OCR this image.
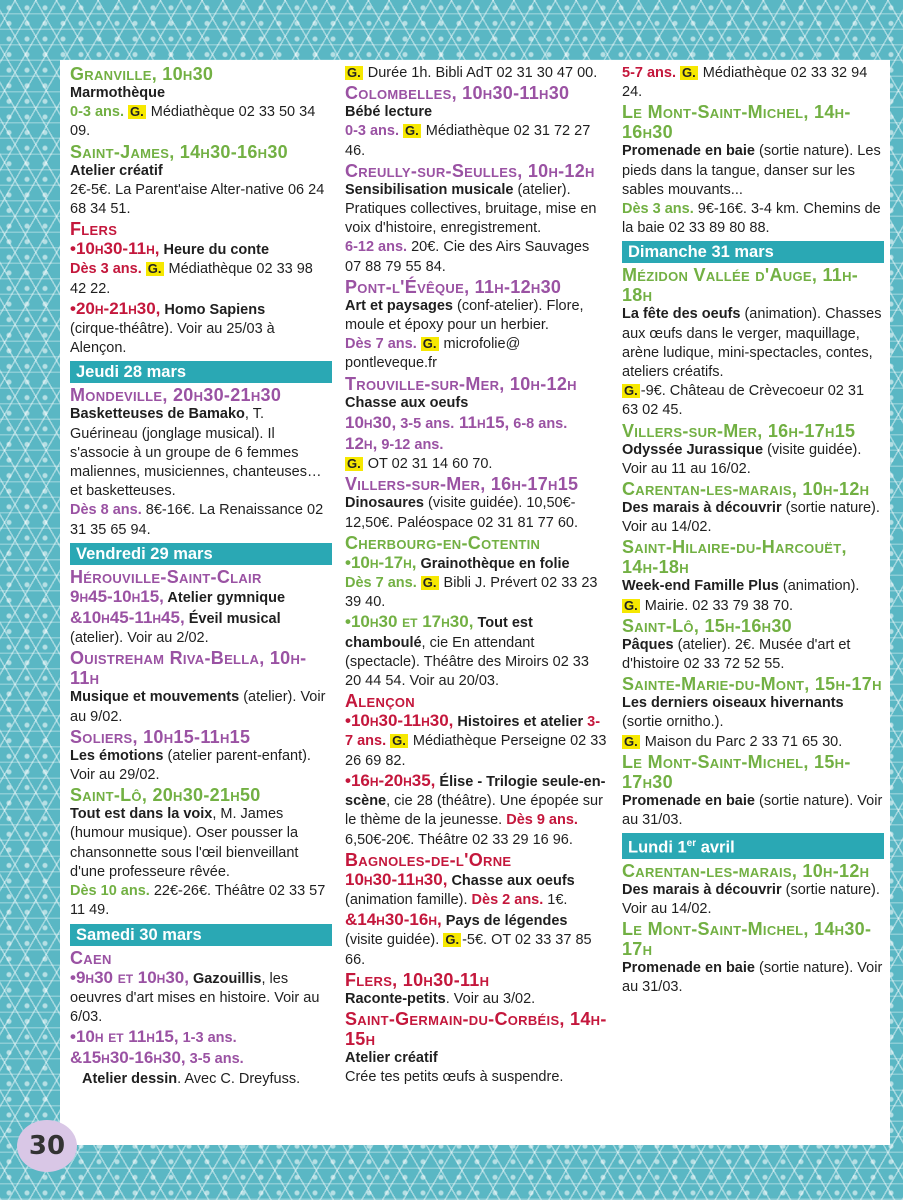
Granville, 10h30
Marmothèque
0-3 ans. G. Médiathèque 02 33 50 34 09.
Saint-James, 14h30-16h30
Atelier créatif
2€-5€. La Parent'aise Alter-native 06 24 68 34 51.
Flers
•10h30-11h, Heure du conte
Dès 3 ans. G. Médiathèque 02 33 98 42 22.
•20h-21h30, Homo Sapiens
(cirque-théâtre). Voir au 25/03 à Alençon.
Jeudi 28 mars
Mondeville, 20h30-21h30
Basketteuses de Bamako, T. Guérineau (jonglage musical). Il s'associe à un groupe de 6 femmes maliennes, musiciennes, chanteuses… et basketteuses.
Dès 8 ans. 8€-16€. La Renaissance 02 31 35 65 94.
Vendredi 29 mars
Hérouville-Saint-Clair
9h45-10h15, Atelier gymnique
&10h45-11h45, Éveil musical
(atelier). Voir au 2/02.
Ouistreham Riva-Bella, 10h-11h
Musique et mouvements (atelier). Voir au 9/02.
Soliers, 10h15-11h15
Les émotions (atelier parent-enfant). Voir au 29/02.
Saint-Lô, 20h30-21h50
Tout est dans la voix, M. James (humour musique). Oser pousser la chansonnette sous l'œil bienveillant d'une professeure rêvée.
Dès 10 ans. 22€-26€. Théâtre 02 33 57 11 49.
Samedi 30 mars
Caen
•9h30 et 10h30, Gazouillis, les oeuvres d'art mises en histoire. Voir au 6/03.
•10h et 11h15, 1-3 ans.
&15h30-16h30, 3-5 ans.
Atelier dessin. Avec C. Dreyfuss.
G. Durée 1h. Bibli AdT 02 31 30 47 00.
Colombelles, 10h30-11h30
Bébé lecture
0-3 ans. G. Médiathèque 02 31 72 27 46.
Creully-sur-Seulles, 10h-12h
Sensibilisation musicale (atelier). Pratiques collectives, bruitage, mise en voix d'histoire, enregistrement.
6-12 ans. 20€. Cie des Airs Sauvages 07 88 79 55 84.
Pont-l'Évêque, 11h-12h30
Art et paysages (conf-atelier). Flore, moule et époxy pour un herbier.
Dès 7 ans. G. microfolie@ pontleveque.fr
Trouville-sur-Mer, 10h-12h
Chasse aux oeufs
10h30, 3-5 ans. 11h15, 6-8 ans.
12h, 9-12 ans.
G. OT 02 31 14 60 70.
Villers-sur-Mer, 16h-17h15
Dinosaures (visite guidée). 10,50€- 12,50€. Paléospace 02 31 81 77 60.
Cherbourg-en-Cotentin
•10h-17h, Grainothèque en folie
Dès 7 ans. G. Bibli J. Prévert 02 33 23 39 40.
•10h30 et 17h30, Tout est chamboulé, cie En attendant (spectacle). Théâtre des Miroirs 02 33 20 44 54. Voir au 20/03.
Alençon
•10h30-11h30, Histoires et atelier 3-7 ans. G. Médiathèque Perseigne 02 33 26 69 82.
•16h-20h35, Élise - Trilogie seule-en-scène, cie 28 (théâtre). Une épopée sur le thème de la jeunesse. Dès 9 ans. 6,50€-20€. Théâtre 02 33 29 16 96.
Bagnoles-de-l'Orne
10h30-11h30, Chasse aux oeufs
(animation famille). Dès 2 ans. 1€.
&14h30-16h, Pays de légendes
(visite guidée). G. -5€. OT 02 33 37 85 66.
Flers, 10h30-11h
Raconte-petits. Voir au 3/02.
Saint-Germain-du-Corbéis, 14h-15h
Atelier créatif
Crée tes petits œufs à suspendre.
5-7 ans. G. Médiathèque 02 33 32 94 24.
Le Mont-Saint-Michel, 14h-16h30
Promenade en baie (sortie nature). Les pieds dans la tangue, danser sur les sables mouvants...
Dès 3 ans. 9€-16€. 3-4 km. Chemins de la baie 02 33 89 80 88.
Dimanche 31 mars
Mézidon Vallée d'Auge, 11h-18h
La fête des oeufs (animation). Chasses aux œufs dans le verger, maquillage, arène ludique, mini-spectacles, contes, ateliers créatifs.
G. -9€. Château de Crèvecoeur 02 31 63 02 45.
Villers-sur-Mer, 16h-17h15
Odyssée Jurassique (visite guidée). Voir au 11 au 16/02.
Carentan-les-marais, 10h-12h
Des marais à découvrir (sortie nature). Voir au 14/02.
Saint-Hilaire-du-Harcouët, 14h-18h
Week-end Famille Plus (animation).
G. Mairie. 02 33 79 38 70.
Saint-Lô, 15h-16h30
Pâques (atelier). 2€. Musée d'art et d'histoire 02 33 72 52 55.
Sainte-Marie-du-Mont, 15h-17h
Les derniers oiseaux hivernants
(sortie ornitho.).
G. Maison du Parc 2 33 71 65 30.
Le Mont-Saint-Michel, 15h-17h30
Promenade en baie (sortie nature). Voir au 31/03.
Lundi 1er avril
Carentan-les-marais, 10h-12h
Des marais à découvrir (sortie nature). Voir au 14/02.
Le Mont-Saint-Michel, 14h30-17h
Promenade en baie (sortie nature). Voir au 31/03.
30
